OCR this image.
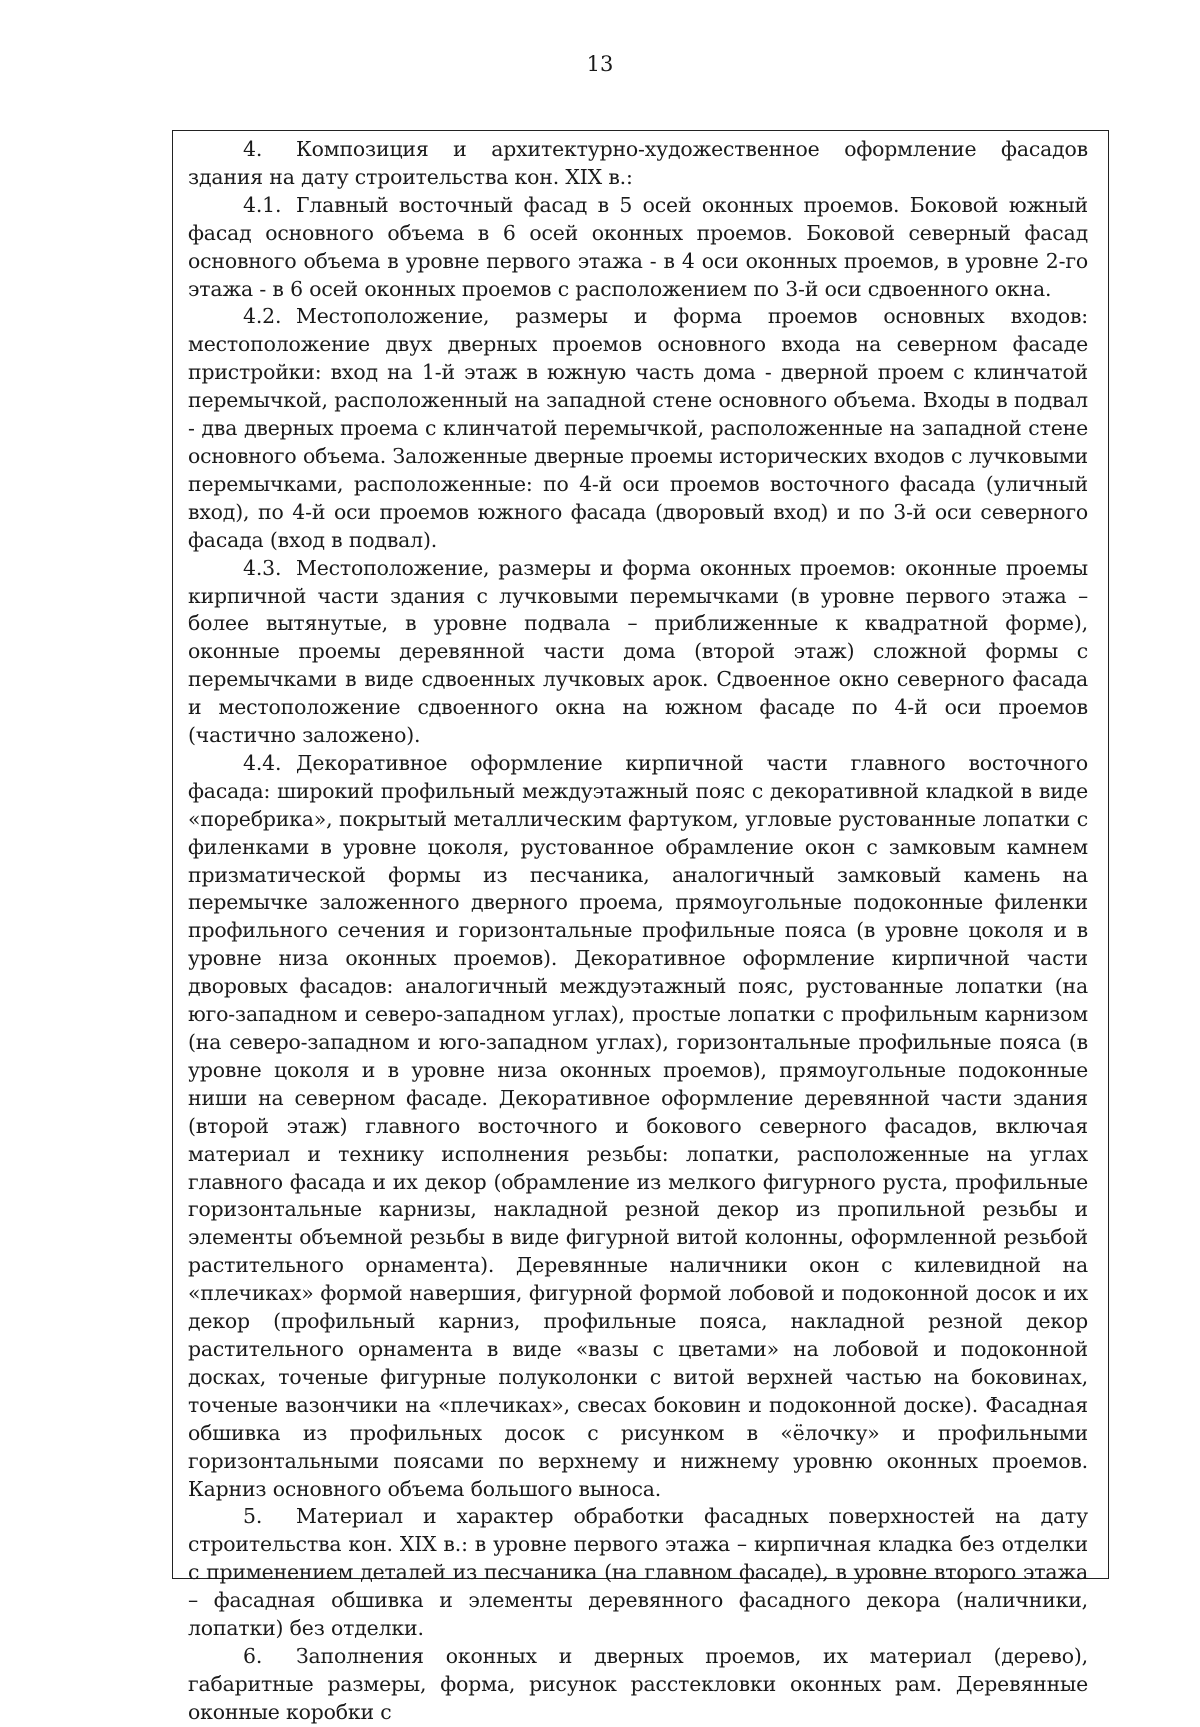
13

4. Композиция и архитектурно-художественное оформление фасадов здания на дату строительства кон. XIX в.:

4.1. Главный восточный фасад в 5 осей оконных проемов. Боковой южный фасад основного объема в 6 осей оконных проемов. Боковой северный фасад основного объема в уровне первого этажа - в 4 оси оконных проемов, в уровне 2-го этажа - в 6 осей оконных проемов с расположением по 3-й оси сдвоенного окна.

4.2. Местоположение, размеры и форма проемов основных входов: местоположение двух дверных проемов основного входа на северном фасаде пристройки: вход на 1-й этаж в южную часть дома - дверной проем с клинчатой перемычкой, расположенный на западной стене основного объема. Входы в подвал - два дверных проема с клинчатой перемычкой, расположенные на западной стене основного объема. Заложенные дверные проемы исторических входов с лучковыми перемычками, расположенные: по 4-й оси проемов восточного фасада (уличный вход), по 4-й оси проемов южного фасада (дворовый вход) и по 3-й оси северного фасада (вход в подвал).

4.3. Местоположение, размеры и форма оконных проемов: оконные проемы кирпичной части здания с лучковыми перемычками (в уровне первого этажа – более вытянутые, в уровне подвала – приближенные к квадратной форме), оконные проемы деревянной части дома (второй этаж) сложной формы с перемычками в виде сдвоенных лучковых арок. Сдвоенное окно северного фасада и местоположение сдвоенного окна на южном фасаде по 4-й оси проемов (частично заложено).

4.4. Декоративное оформление кирпичной части главного восточного фасада: широкий профильный междуэтажный пояс с декоративной кладкой в виде «поребрика», покрытый металлическим фартуком, угловые рустованные лопатки с филенками в уровне цоколя, рустованное обрамление окон с замковым камнем призматической формы из песчаника, аналогичный замковый камень на перемычке заложенного дверного проема, прямоугольные подоконные филенки профильного сечения и горизонтальные профильные пояса (в уровне цоколя и в уровне низа оконных проемов). Декоративное оформление кирпичной части дворовых фасадов: аналогичный междуэтажный пояс, рустованные лопатки (на юго-западном и северо-западном углах), простые лопатки с профильным карнизом (на северо-западном и юго-западном углах), горизонтальные профильные пояса (в уровне цоколя и в уровне низа оконных проемов), прямоугольные подоконные ниши на северном фасаде. Декоративное оформление деревянной части здания (второй этаж) главного восточного и бокового северного фасадов, включая материал и технику исполнения резьбы: лопатки, расположенные на углах главного фасада и их декор (обрамление из мелкого фигурного руста, профильные горизонтальные карнизы, накладной резной декор из пропильной резьбы и элементы объемной резьбы в виде фигурной витой колонны, оформленной резьбой растительного орнамента). Деревянные наличники окон с килевидной на «плечиках» формой навершия, фигурной формой лобовой и подоконной досок и их декор (профильный карниз, профильные пояса, накладной резной декор растительного орнамента в виде «вазы с цветами» на лобовой и подоконной досках, точеные фигурные полуколонки с витой верхней частью на боковинах, точеные вазончики на «плечиках», свесах боковин и подоконной доске). Фасадная обшивка из профильных досок с рисунком в «ёлочку» и профильными горизонтальными поясами по верхнему и нижнему уровню оконных проемов. Карниз основного объема большого выноса.

5. Материал и характер обработки фасадных поверхностей на дату строительства кон. XIX в.: в уровне первого этажа – кирпичная кладка без отделки с применением деталей из песчаника (на главном фасаде), в уровне второго этажа – фасадная обшивка и элементы деревянного фасадного декора (наличники, лопатки) без отделки.

6. Заполнения оконных и дверных проемов, их материал (дерево), габаритные размеры, форма, рисунок расстекловки оконных рам. Деревянные оконные коробки с
